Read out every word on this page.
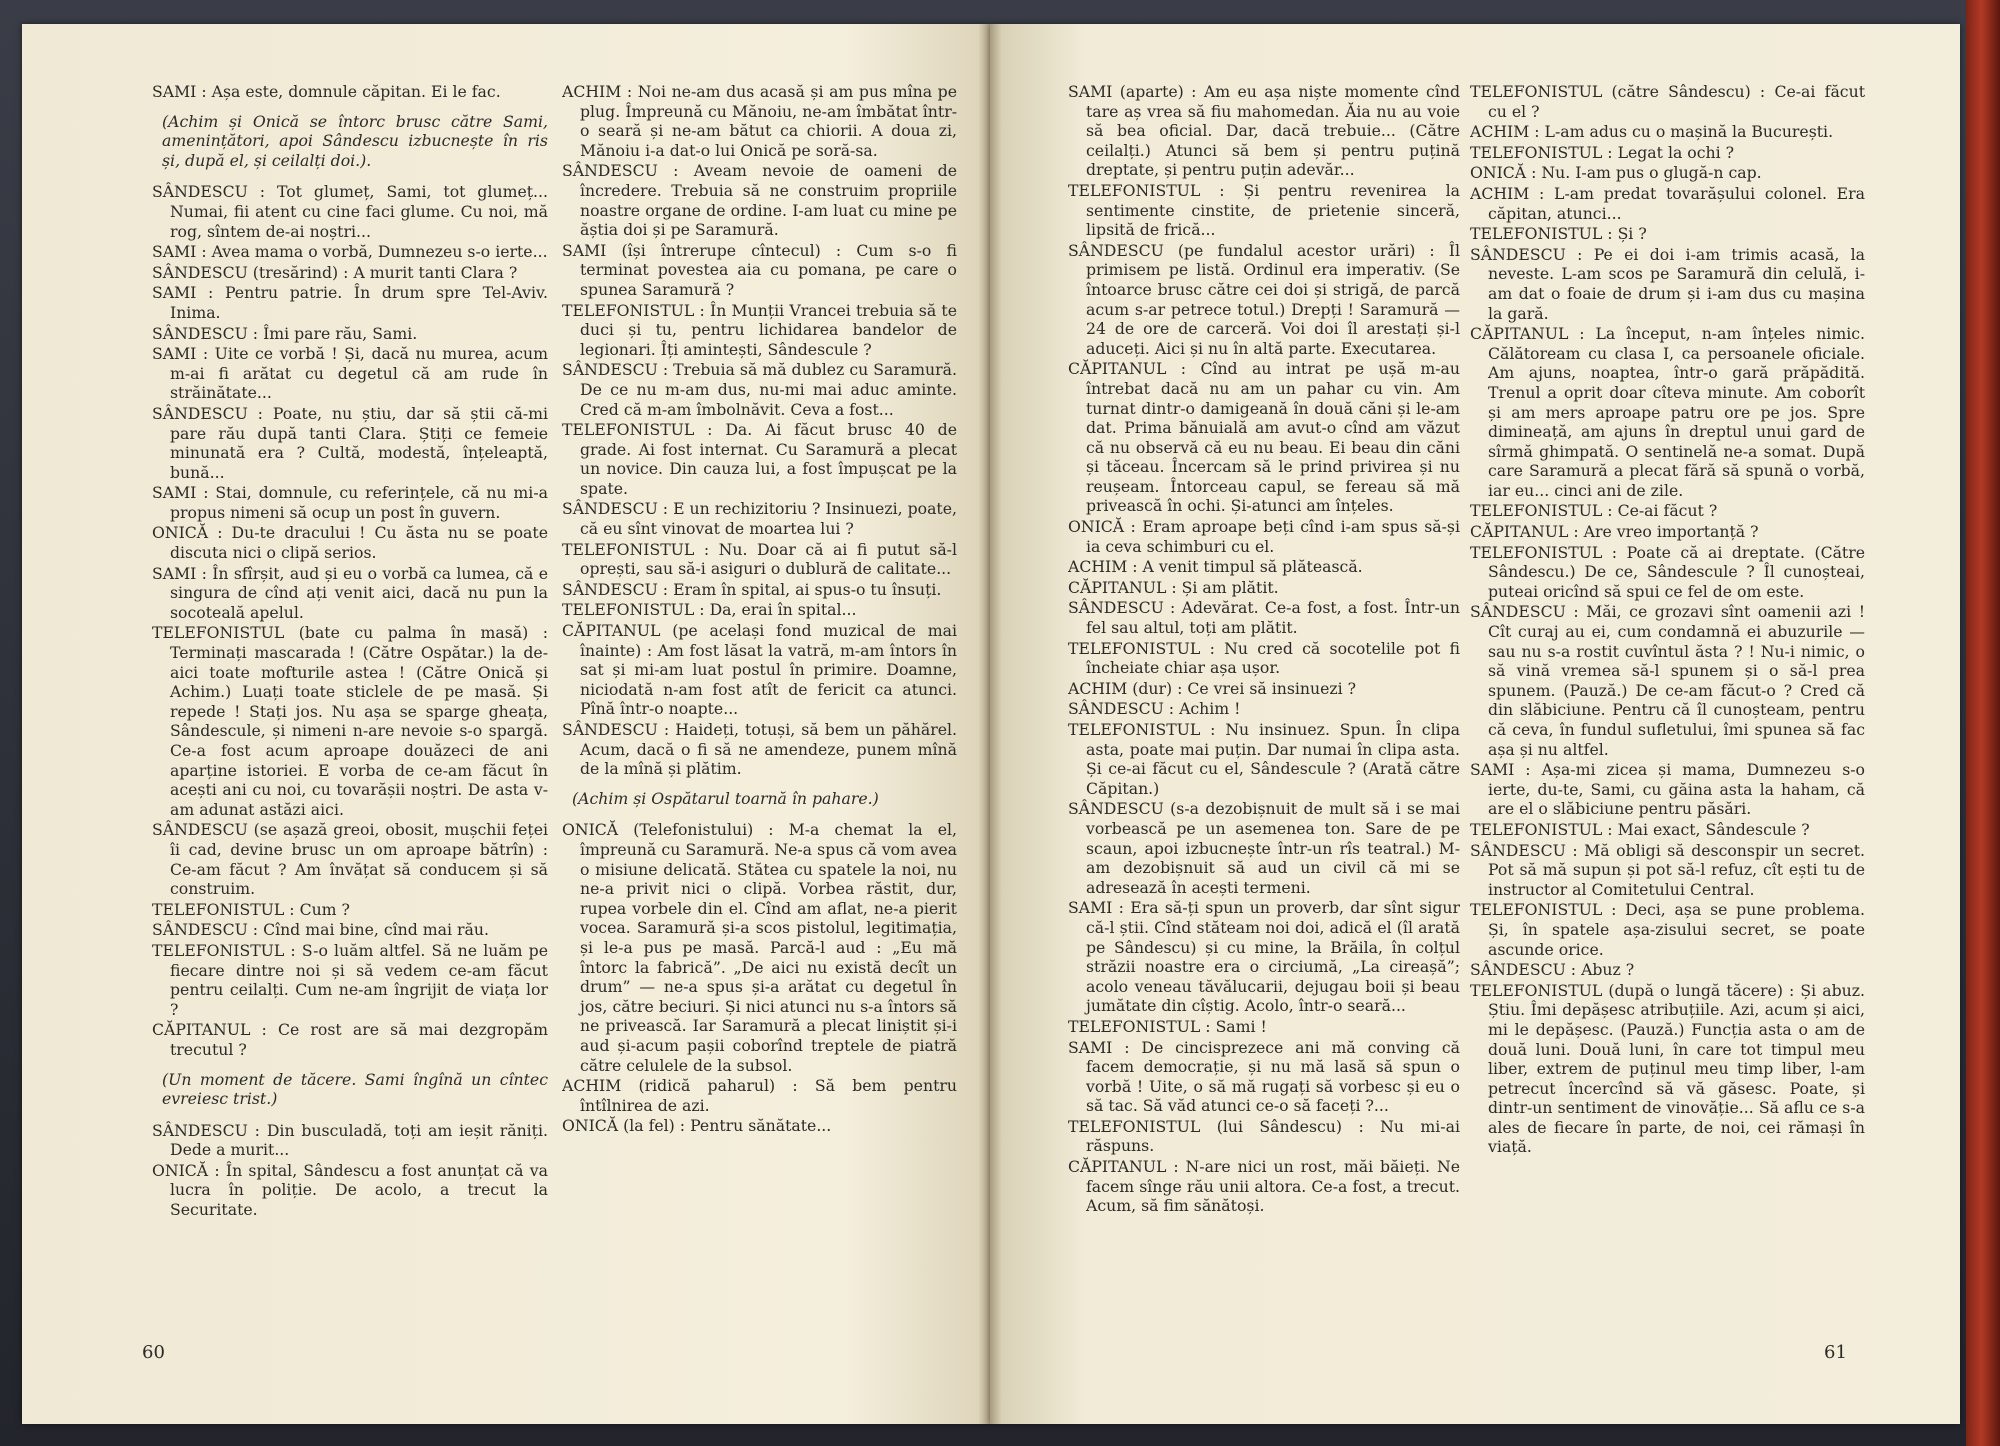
SAMI : Așa este, domnule căpitan. Ei le fac.

(Achim și Onică se întorc brusc către Sami, amenințători, apoi Sândescu izbucnește în ris și, după el, și ceilalți doi.).

SÂNDESCU : Tot glumeț, Sami, tot glumeț... Numai, fii atent cu cine faci glume. Cu noi, mă rog, sîntem de-ai noștri...

SAMI : Avea mama o vorbă, Dumnezeu s-o ierte...

SÂNDESCU (tresărind) : A murit tanti Clara ?

SAMI : Pentru patrie. În drum spre Tel-Aviv. Inima.

SÂNDESCU : Îmi pare rău, Sami.

SAMI : Uite ce vorbă ! Și, dacă nu murea, acum m-ai fi arătat cu degetul că am rude în străinătate...

SÂNDESCU : Poate, nu știu, dar să știi că-mi pare rău după tanti Clara. Știți ce femeie minunată era ? Cultă, modestă, înțeleaptă, bună...

SAMI : Stai, domnule, cu referințele, că nu mi-a propus nimeni să ocup un post în guvern.

ONICĂ : Du-te dracului ! Cu ăsta nu se poate discuta nici o clipă serios.

SAMI : În sfîrșit, aud și eu o vorbă ca lumea, că e singura de cînd ați venit aici, dacă nu pun la socoteală apelul.

TELEFONISTUL (bate cu palma în masă) : Terminați mascarada ! (Către Ospătar.) la de-aici toate mofturile astea ! (Către Onică și Achim.) Luați toate sticlele de pe masă. Și repede ! Stați jos. Nu așa se sparge gheața, Sândescule, și nimeni n-are nevoie s-o spargă. Ce-a fost acum aproape douăzeci de ani aparține istoriei. E vorba de ce-am făcut în acești ani cu noi, cu tovarășii noștri. De asta v-am adunat astăzi aici.

SÂNDESCU (se așază greoi, obosit, mușchii feței îi cad, devine brusc un om aproape bătrîn) : Ce-am făcut ? Am învățat să conducem și să construim.

TELEFONISTUL : Cum ?

SÂNDESCU : Cînd mai bine, cînd mai rău.

TELEFONISTUL : S-o luăm altfel. Să ne luăm pe fiecare dintre noi și să vedem ce-am făcut pentru ceilalți. Cum ne-am îngrijit de viața lor ?

CĂPITANUL : Ce rost are să mai dezgropăm trecutul ?

(Un moment de tăcere. Sami îngînă un cîntec evreiesc trist.)

SÂNDESCU : Din busculadă, toți am ieșit răniți. Dede a murit...

ONICĂ : În spital, Sândescu a fost anunțat că va lucra în poliție. De acolo, a trecut la Securitate.

ACHIM : Noi ne-am dus acasă și am pus mîna pe plug. Împreună cu Mănoiu, ne-am îmbătat într-o seară și ne-am bătut ca chiorii. A doua zi, Mănoiu i-a dat-o lui Onică pe soră-sa.

SÂNDESCU : Aveam nevoie de oameni de încredere. Trebuia să ne construim propriile noastre organe de ordine. I-am luat cu mine pe ăștia doi și pe Saramură.

SAMI (își întrerupe cîntecul) : Cum s-o fi terminat povestea aia cu pomana, pe care o spunea Saramură ?

TELEFONISTUL : În Munții Vrancei trebuia să te duci și tu, pentru lichidarea bandelor de legionari. Îți amintești, Sândescule ?

SÂNDESCU : Trebuia să mă dublez cu Saramură. De ce nu m-am dus, nu-mi mai aduc aminte. Cred că m-am îmbolnăvit. Ceva a fost...

TELEFONISTUL : Da. Ai făcut brusc 40 de grade. Ai fost internat. Cu Saramură a plecat un novice. Din cauza lui, a fost împușcat pe la spate.

SÂNDESCU : E un rechizitoriu ? Insinuezi, poate, că eu sînt vinovat de moartea lui ?

TELEFONISTUL : Nu. Doar că ai fi putut să-l oprești, sau să-i asiguri o dublură de calitate...

SÂNDESCU : Eram în spital, ai spus-o tu însuți.

TELEFONISTUL : Da, erai în spital...

CĂPITANUL (pe același fond muzical de mai înainte) : Am fost lăsat la vatră, m-am întors în sat și mi-am luat postul în primire. Doamne, niciodată n-am fost atît de fericit ca atunci. Pînă într-o noapte...

SÂNDESCU : Haideți, totuși, să bem un păhărel. Acum, dacă o fi să ne amendeze, punem mînă de la mînă și plătim.

(Achim și Ospătarul toarnă în pahare.)

ONICĂ (Telefonistului) : M-a chemat la el, împreună cu Saramură. Ne-a spus că vom avea o misiune delicată. Stătea cu spatele la noi, nu ne-a privit nici o clipă. Vorbea răstit, dur, rupea vorbele din el. Cînd am aflat, ne-a pierit vocea. Saramură și-a scos pistolul, legitimația, și le-a pus pe masă. Parcă-l aud : „Eu mă întorc la fabrică”. „De aici nu există decît un drum” — ne-a spus și-a arătat cu degetul în jos, către beciuri. Și nici atunci nu s-a întors să ne privească. Iar Saramură a plecat liniștit și-i aud și-acum pașii coborînd treptele de piatră către celulele de la subsol.

ACHIM (ridică paharul) : Să bem pentru întîlnirea de azi.

ONICĂ (la fel) : Pentru sănătate...

60

SAMI (aparte) : Am eu așa niște momente cînd tare aș vrea să fiu mahomedan. Ăia nu au voie să bea oficial. Dar, dacă trebuie... (Către ceilalți.) Atunci să bem și pentru puțină dreptate, și pentru puțin adevăr...

TELEFONISTUL : Și pentru revenirea la sentimente cinstite, de prietenie sinceră, lipsită de frică...

SÂNDESCU (pe fundalul acestor urări) : Îl primisem pe listă. Ordinul era imperativ. (Se întoarce brusc către cei doi și strigă, de parcă acum s-ar petrece totul.) Drepți ! Saramură — 24 de ore de carceră. Voi doi îl arestați și-l aduceți. Aici și nu în altă parte. Executarea.

CĂPITANUL : Cînd au intrat pe ușă m-au întrebat dacă nu am un pahar cu vin. Am turnat dintr-o damigeană în două căni și le-am dat. Prima bănuială am avut-o cînd am văzut că nu observă că eu nu beau. Ei beau din căni și tăceau. Încercam să le prind privirea și nu reușeam. Întorceau capul, se fereau să mă privească în ochi. Și-atunci am înțeles.

ONICĂ : Eram aproape beți cînd i-am spus să-și ia ceva schimburi cu el.

ACHIM : A venit timpul să plătească.

CĂPITANUL : Și am plătit.

SÂNDESCU : Adevărat. Ce-a fost, a fost. Într-un fel sau altul, toți am plătit.

TELEFONISTUL : Nu cred că socotelile pot fi încheiate chiar așa ușor.

ACHIM (dur) : Ce vrei să insinuezi ?

SÂNDESCU : Achim !

TELEFONISTUL : Nu insinuez. Spun. În clipa asta, poate mai puțin. Dar numai în clipa asta. Și ce-ai făcut cu el, Sândescule ? (Arată către Căpitan.)

SÂNDESCU (s-a dezobișnuit de mult să i se mai vorbească pe un asemenea ton. Sare de pe scaun, apoi izbucnește într-un rîs teatral.) M-am dezobișnuit să aud un civil că mi se adresează în acești termeni.

SAMI : Era să-ți spun un proverb, dar sînt sigur că-l știi. Cînd stăteam noi doi, adică el (îl arată pe Sândescu) și cu mine, la Brăila, în colțul străzii noastre era o circiumă, „La cireașă”; acolo veneau tăvălucarii, dejugau boii și beau jumătate din cîștig. Acolo, într-o seară...

TELEFONISTUL : Sami !

SAMI : De cincisprezece ani mă conving că facem democrație, și nu mă lasă să spun o vorbă ! Uite, o să mă rugați să vorbesc și eu o să tac. Să văd atunci ce-o să faceți ?...

TELEFONISTUL (lui Sândescu) : Nu mi-ai răspuns.

CĂPITANUL : N-are nici un rost, măi băieți. Ne facem sînge rău unii altora. Ce-a fost, a trecut. Acum, să fim sănătoși.

TELEFONISTUL (către Sândescu) : Ce-ai făcut cu el ?

ACHIM : L-am adus cu o mașină la București.

TELEFONISTUL : Legat la ochi ?

ONICĂ : Nu. I-am pus o glugă-n cap.

ACHIM : L-am predat tovarășului colonel. Era căpitan, atunci...

TELEFONISTUL : Și ?

SÂNDESCU : Pe ei doi i-am trimis acasă, la neveste. L-am scos pe Saramură din celulă, i-am dat o foaie de drum și i-am dus cu mașina la gară.

CĂPITANUL : La început, n-am înțeles nimic. Călătoream cu clasa I, ca persoanele oficiale. Am ajuns, noaptea, într-o gară prăpădită. Trenul a oprit doar cîteva minute. Am coborît și am mers aproape patru ore pe jos. Spre dimineață, am ajuns în dreptul unui gard de sîrmă ghimpată. O sentinelă ne-a somat. După care Saramură a plecat fără să spună o vorbă, iar eu... cinci ani de zile.

TELEFONISTUL : Ce-ai făcut ?

CĂPITANUL : Are vreo importanță ?

TELEFONISTUL : Poate că ai dreptate. (Către Sândescu.) De ce, Sândescule ? Îl cunoșteai, puteai oricînd să spui ce fel de om este.

SÂNDESCU : Măi, ce grozavi sînt oamenii azi ! Cît curaj au ei, cum condamnă ei abuzurile — sau nu s-a rostit cuvîntul ăsta ? ! Nu-i nimic, o să vină vremea să-l spunem și o să-l prea spunem. (Pauză.) De ce-am făcut-o ? Cred că din slăbiciune. Pentru că îl cunoșteam, pentru că ceva, în fundul sufletului, îmi spunea să fac așa și nu altfel.

SAMI : Așa-mi zicea și mama, Dumnezeu s-o ierte, du-te, Sami, cu găina asta la haham, că are el o slăbiciune pentru păsări.

TELEFONISTUL : Mai exact, Sândescule ?

SÂNDESCU : Mă obligi să desconspir un secret. Pot să mă supun și pot să-l refuz, cît ești tu de instructor al Comitetului Central.

TELEFONISTUL : Deci, așa se pune problema. Și, în spatele așa-zisului secret, se poate ascunde orice.

SÂNDESCU : Abuz ?

TELEFONISTUL (după o lungă tăcere) : Și abuz. Știu. Îmi depășesc atribuțiile. Azi, acum și aici, mi le depășesc. (Pauză.) Funcția asta o am de două luni. Două luni, în care tot timpul meu liber, extrem de puținul meu timp liber, l-am petrecut încercînd să vă găsesc. Poate, și dintr-un sentiment de vinovăție... Să aflu ce s-a ales de fiecare în parte, de noi, cei rămași în viață.

61
